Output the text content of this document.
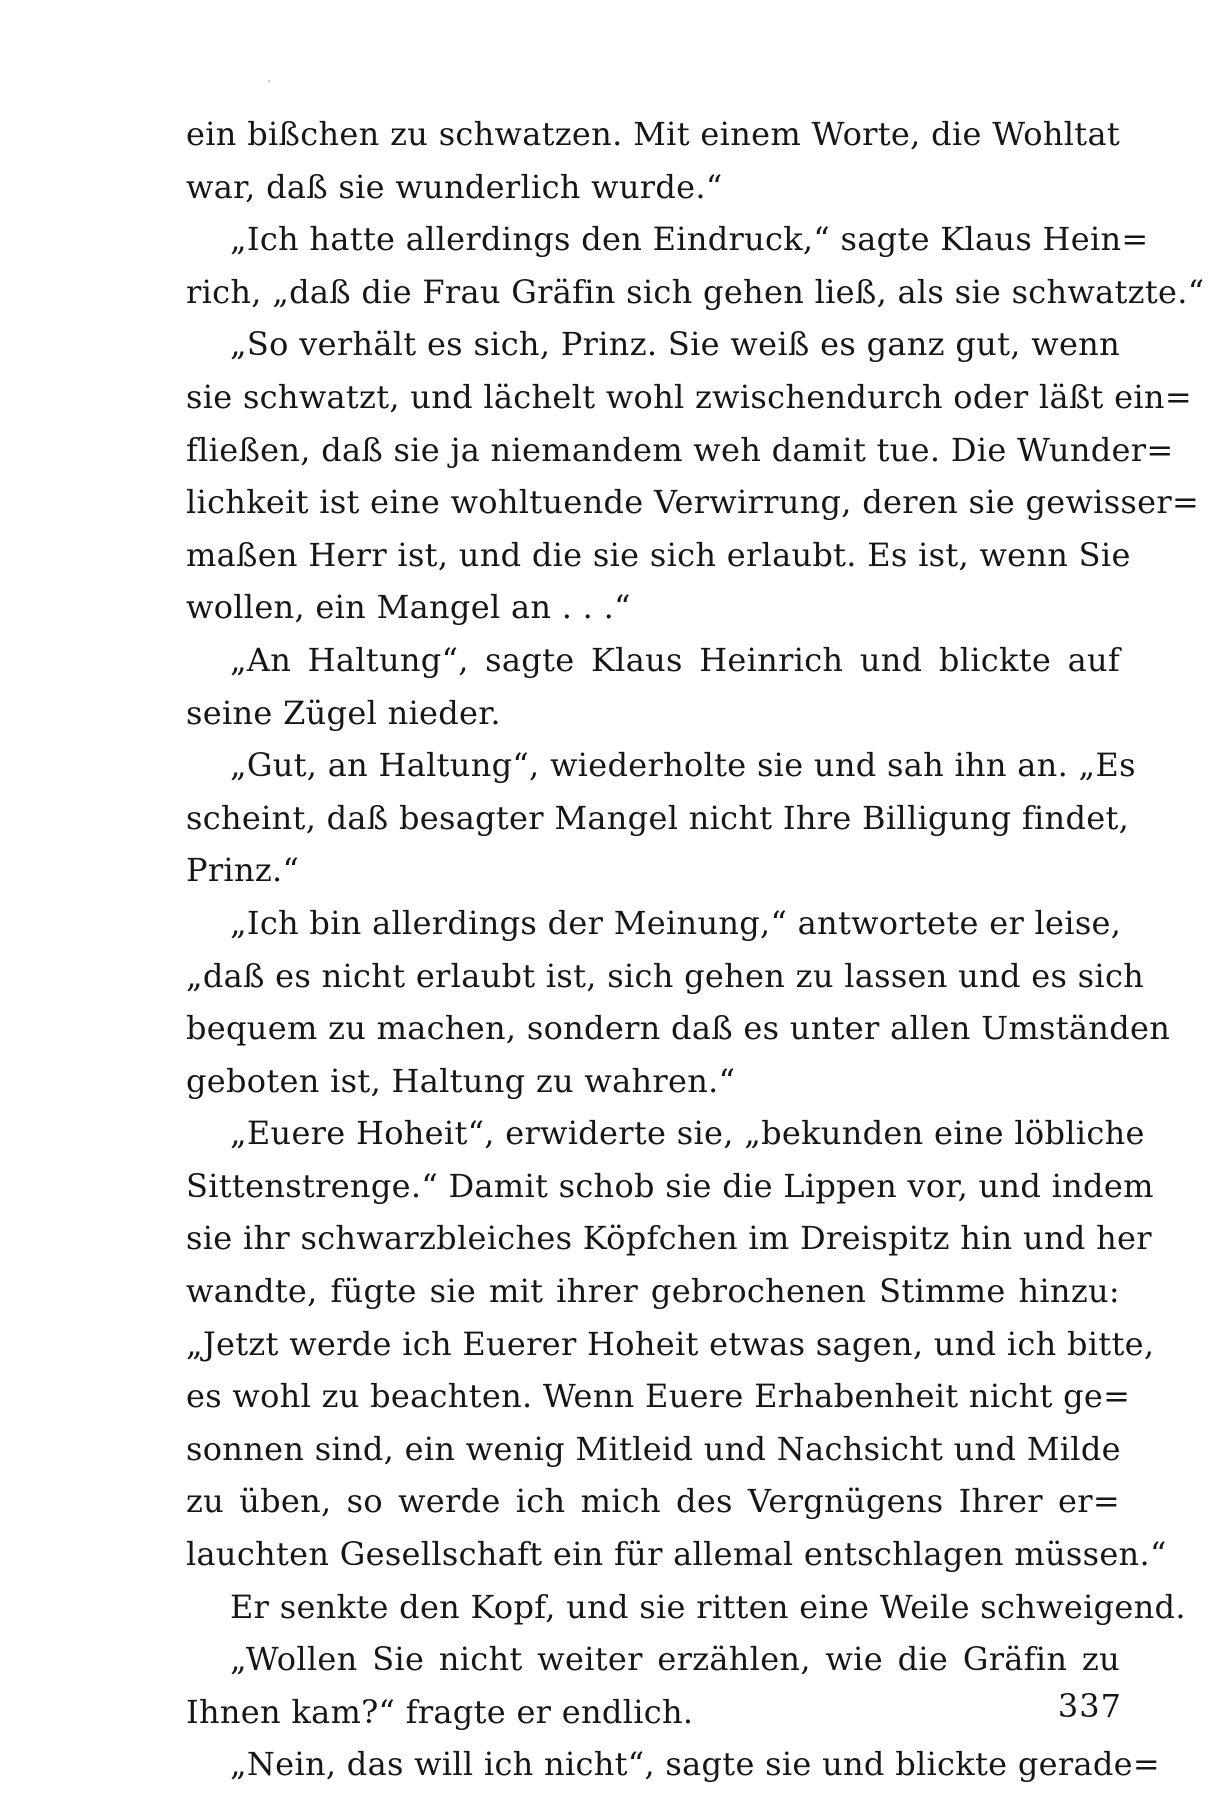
ein bißchen zu schwatzen. Mit einem Worte, die Wohltat
war, daß sie wunderlich wurde.“
„Ich hatte allerdings den Eindruck,“ sagte Klaus Hein=
rich, „daß die Frau Gräfin sich gehen ließ, als sie schwatzte.“
„So verhält es sich, Prinz. Sie weiß es ganz gut, wenn
sie schwatzt, und lächelt wohl zwischendurch oder läßt ein=
fließen, daß sie ja niemandem weh damit tue. Die Wunder=
lichkeit ist eine wohltuende Verwirrung, deren sie gewisser=
maßen Herr ist, und die sie sich erlaubt. Es ist, wenn Sie
wollen, ein Mangel an . . .“
„An Haltung“, sagte Klaus Heinrich und blickte auf
seine Zügel nieder.
„Gut, an Haltung“, wiederholte sie und sah ihn an. „Es
scheint, daß besagter Mangel nicht Ihre Billigung findet,
Prinz.“
„Ich bin allerdings der Meinung,“ antwortete er leise,
„daß es nicht erlaubt ist, sich gehen zu lassen und es sich
bequem zu machen, sondern daß es unter allen Umständen
geboten ist, Haltung zu wahren.“
„Euere Hoheit“, erwiderte sie, „bekunden eine löbliche
Sittenstrenge.“ Damit schob sie die Lippen vor, und indem
sie ihr schwarzbleiches Köpfchen im Dreispitz hin und her
wandte, fügte sie mit ihrer gebrochenen Stimme hinzu:
„Jetzt werde ich Euerer Hoheit etwas sagen, und ich bitte,
es wohl zu beachten. Wenn Euere Erhabenheit nicht ge=
sonnen sind, ein wenig Mitleid und Nachsicht und Milde
zu üben, so werde ich mich des Vergnügens Ihrer er=
lauchten Gesellschaft ein für allemal entschlagen müssen.“
Er senkte den Kopf, und sie ritten eine Weile schweigend.
„Wollen Sie nicht weiter erzählen, wie die Gräfin zu
Ihnen kam?“ fragte er endlich.
„Nein, das will ich nicht“, sagte sie und blickte gerade=
337
